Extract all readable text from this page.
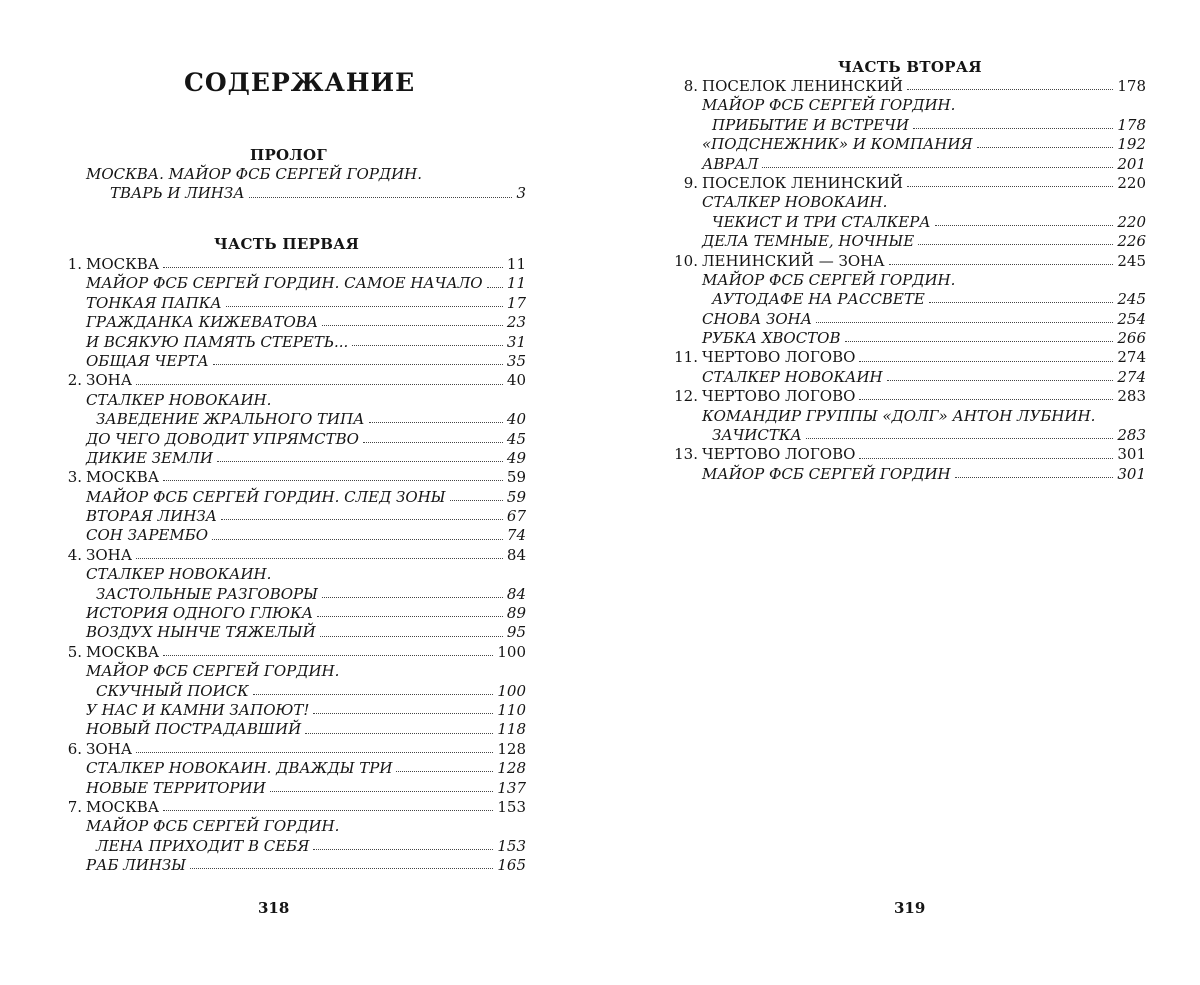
СОДЕРЖАНИЕ
ПРОЛОГ
МОСКВА. МАЙОР ФСБ СЕРГЕЙ ГОРДИН.
ТВАРЬ И ЛИНЗА	3
ЧАСТЬ ПЕРВАЯ
1. МОСКВА	11
МАЙОР ФСБ СЕРГЕЙ ГОРДИН. САМОЕ НАЧАЛО 11
ТОНКАЯ ПАПКА	17
ГРАЖДАНКА КИЖЕВАТОВА	23
И ВСЯКУЮ ПАМЯТЬ СТЕРЕТЬ...	31
ОБЩАЯ ЧЕРТА	35
2. ЗОНА	40
СТАЛКЕР НОВОКАИН.
ЗАВЕДЕНИЕ ЖРАЛЬНОГО ТИПА	40
ДО ЧЕГО ДОВОДИТ УПРЯМСТВО	45
ДИКИЕ ЗЕМЛИ	49
3. МОСКВА	59
МАЙОР ФСБ СЕРГЕЙ ГОРДИН. СЛЕД ЗОНЫ	59
ВТОРАЯ ЛИНЗА	67
СОН ЗАРЕМБО	74
4. ЗОНА	84
СТАЛКЕР НОВОКАИН.
ЗАСТОЛЬНЫЕ РАЗГОВОРЫ	84
ИСТОРИЯ ОДНОГО ГЛЮКА	89
ВОЗДУХ НЫНЧЕ ТЯЖЕЛЫЙ	95
5. МОСКВА	100
МАЙОР ФСБ СЕРГЕЙ ГОРДИН.
СКУЧНЫЙ ПОИСК	100
У НАС И КАМНИ ЗАПОЮТ!	110
НОВЫЙ ПОСТРАДАВШИЙ	118
6. ЗОНА	128
СТАЛКЕР НОВОКАИН. ДВАЖДЫ ТРИ	128
НОВЫЕ ТЕРРИТОРИИ	137
7. МОСКВА	153
МАЙОР ФСБ СЕРГЕЙ ГОРДИН.
ЛЕНА ПРИХОДИТ В СЕБЯ	153
РАБ ЛИНЗЫ	165
318
ЧАСТЬ ВТОРАЯ
8. ПОСЕЛОК ЛЕНИНСКИЙ	178
МАЙОР ФСБ СЕРГЕЙ ГОРДИН.
ПРИБЫТИЕ И ВСТРЕЧИ	178
«ПОДСНЕЖНИК» И КОМПАНИЯ	192
АВРАЛ	201
9. ПОСЕЛОК ЛЕНИНСКИЙ	220
СТАЛКЕР НОВОКАИН.
ЧЕКИСТ И ТРИ СТАЛКЕРА	220
ДЕЛА ТЕМНЫЕ, НОЧНЫЕ	226
10. ЛЕНИНСКИЙ — ЗОНА	245
МАЙОР ФСБ СЕРГЕЙ ГОРДИН.
АУТОДАФЕ НА РАССВЕТЕ	245
СНОВА ЗОНА	254
РУБКА ХВОСТОВ	266
11. ЧЕРТОВО ЛОГОВО	274
СТАЛКЕР НОВОКАИН	274
12. ЧЕРТОВО ЛОГОВО	283
КОМАНДИР ГРУППЫ «ДОЛГ» АНТОН ЛУБНИН.
ЗАЧИСТКА	283
13. ЧЕРТОВО ЛОГОВО	301
МАЙОР ФСБ СЕРГЕЙ ГОРДИН	301
319
